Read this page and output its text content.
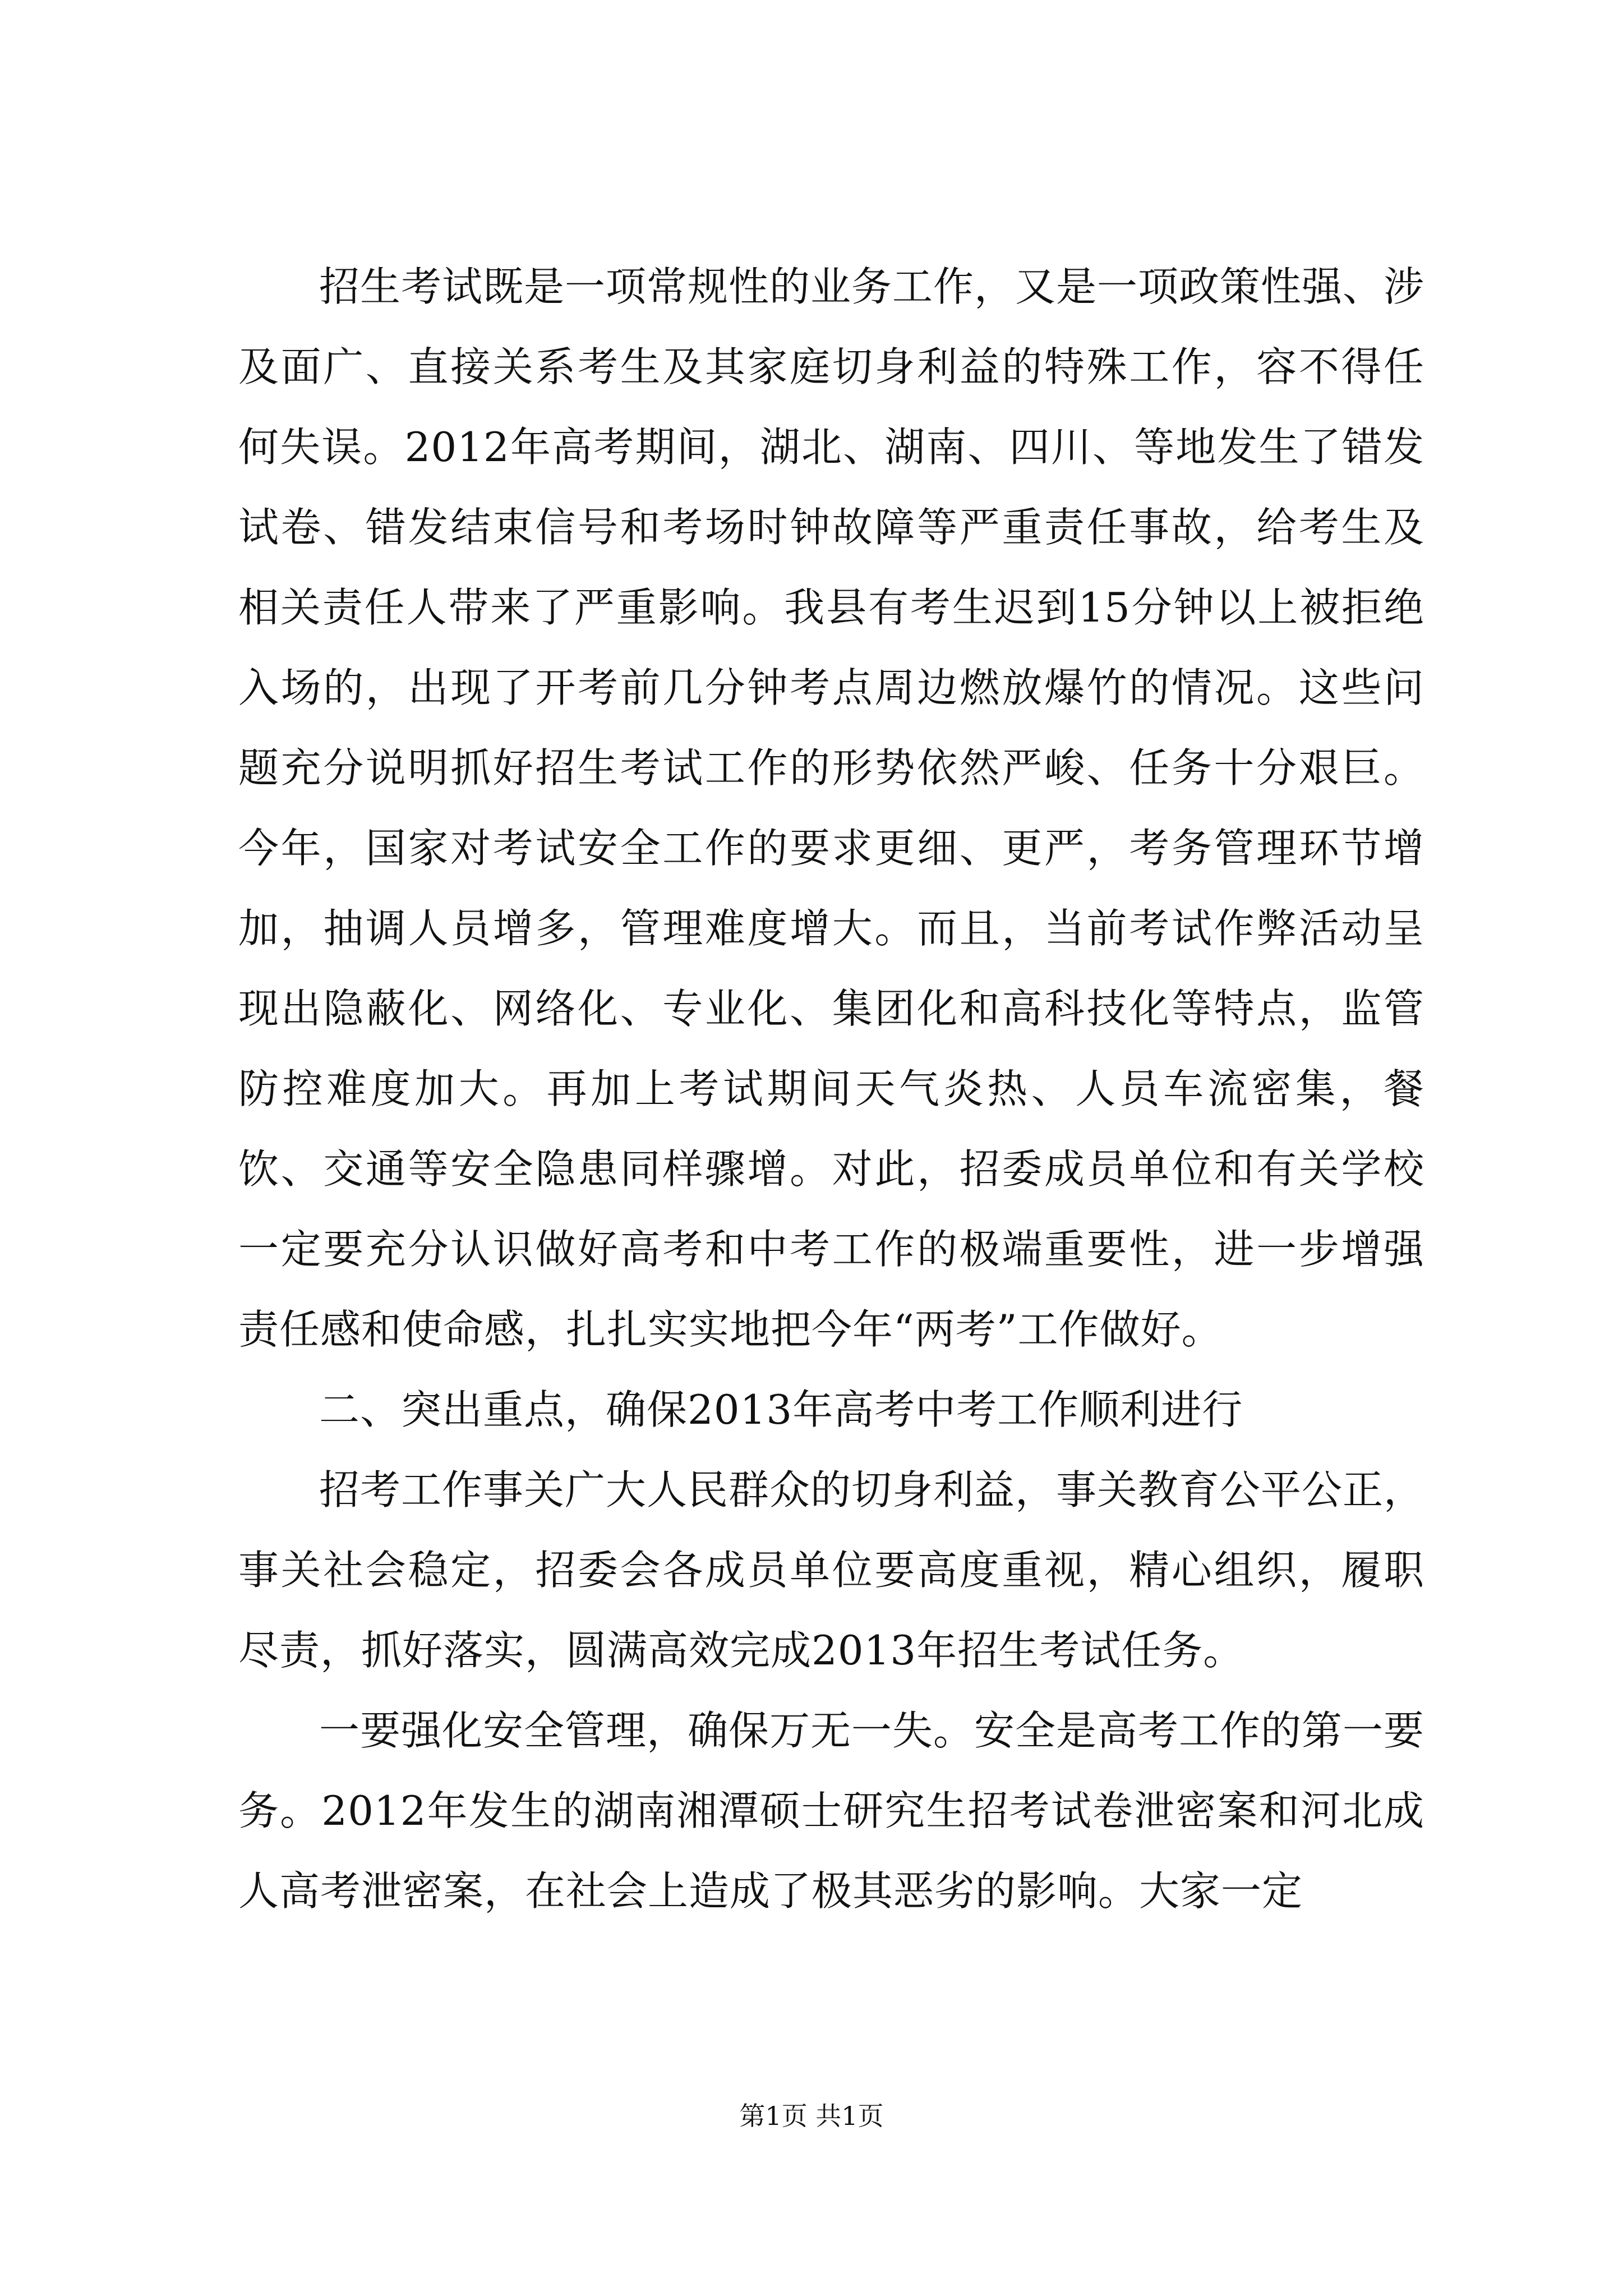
招生考试既是一项常规性的业务工作，又是一项政策性强、涉及面广、直接关系考生及其家庭切身利益的特殊工作，容不得任何失误。2012年高考期间，湖北、湖南、四川、等地发生了错发试卷、错发结束信号和考场时钟故障等严重责任事故，给考生及相关责任人带来了严重影响。我县有考生迟到15分钟以上被拒绝入场的，出现了开考前几分钟考点周边燃放爆竹的情况。这些问题充分说明抓好招生考试工作的形势依然严峻、任务十分艰巨。今年，国家对考试安全工作的要求更细、更严，考务管理环节增加，抽调人员增多，管理难度增大。而且，当前考试作弊活动呈现出隐蔽化、网络化、专业化、集团化和高科技化等特点，监管防控难度加大。再加上考试期间天气炎热、人员车流密集，餐饮、交通等安全隐患同样骤增。对此，招委成员单位和有关学校一定要充分认识做好高考和中考工作的极端重要性，进一步增强责任感和使命感，扎扎实实地把今年“两考”工作做好。

二、突出重点，确保2013年高考中考工作顺利进行

招考工作事关广大人民群众的切身利益，事关教育公平公正，事关社会稳定，招委会各成员单位要高度重视，精心组织，履职尽责，抓好落实，圆满高效完成2013年招生考试任务。

一要强化安全管理，确保万无一失。安全是高考工作的第一要务。2012年发生的湖南湘潭硕士研究生招考试卷泄密案和河北成人高考泄密案，在社会上造成了极其恶劣的影响。大家一定

第1页 共1页
